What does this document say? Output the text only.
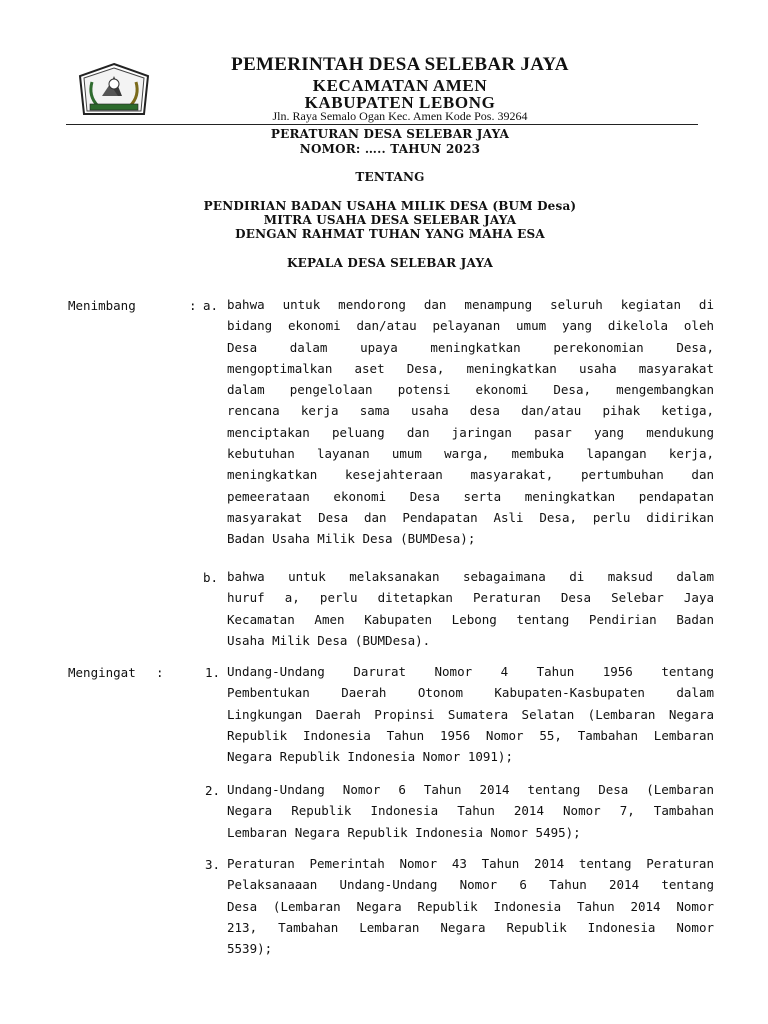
PEMERINTAH DESA SELEBAR JAYA
KECAMATAN AMEN
KABUPATEN LEBONG
Jln. Raya Semalo Ogan Kec. Amen Kode Pos. 39264
PERATURAN DESA SELEBAR JAYA
NOMOR: ….. TAHUN 2023
TENTANG
PENDIRIAN BADAN USAHA MILIK DESA (BUM Desa)
MITRA USAHA DESA SELEBAR JAYA
DENGAN RAHMAT TUHAN YANG MAHA ESA
KEPALA DESA SELEBAR JAYA
Menimbang	: a. bahwa untuk mendorong dan menampung seluruh kegiatan di
bidang ekonomi dan/atau pelayanan umum yang dikelola oleh
Desa dalam upaya meningkatkan perekonomian Desa,
mengoptimalkan aset Desa, meningkatkan usaha masyarakat
dalam pengelolaan potensi ekonomi Desa, mengembangkan
rencana kerja sama usaha desa dan/atau pihak ketiga,
menciptakan peluang dan jaringan pasar yang mendukung
kebutuhan layanan umum warga, membuka lapangan kerja,
meningkatkan kesejahteraan masyarakat, pertumbuhan dan
pemeerataan ekonomi Desa serta meningkatkan pendapatan
masyarakat Desa dan Pendapatan Asli Desa, perlu didirikan
Badan Usaha Milik Desa (BUMDesa);
b. bahwa untuk melaksanakan sebagaimana di maksud dalam
huruf a, perlu ditetapkan Peraturan Desa Selebar Jaya
Kecamatan Amen Kabupaten Lebong tentang Pendirian Badan
Usaha Milik Desa (BUMDesa).
Mengingat :	1. Undang-Undang Darurat Nomor 4 Tahun 1956 tentang
Pembentukan Daerah Otonom Kabupaten-Kasbupaten dalam
Lingkungan Daerah Propinsi Sumatera Selatan (Lembaran Negara
Republik Indonesia Tahun 1956 Nomor 55, Tambahan Lembaran
Negara Republik Indonesia Nomor 1091);
2. Undang-Undang Nomor 6 Tahun 2014 tentang Desa (Lembaran
Negara Republik Indonesia Tahun 2014 Nomor 7, Tambahan
Lembaran Negara Republik Indonesia Nomor 5495);
3. Peraturan Pemerintah Nomor 43 Tahun 2014 tentang Peraturan
Pelaksanaaan Undang-Undang Nomor 6 Tahun 2014 tentang
Desa (Lembaran Negara Republik Indonesia Tahun 2014 Nomor
213, Tambahan Lembaran Negara Republik Indonesia Nomor
5539);
